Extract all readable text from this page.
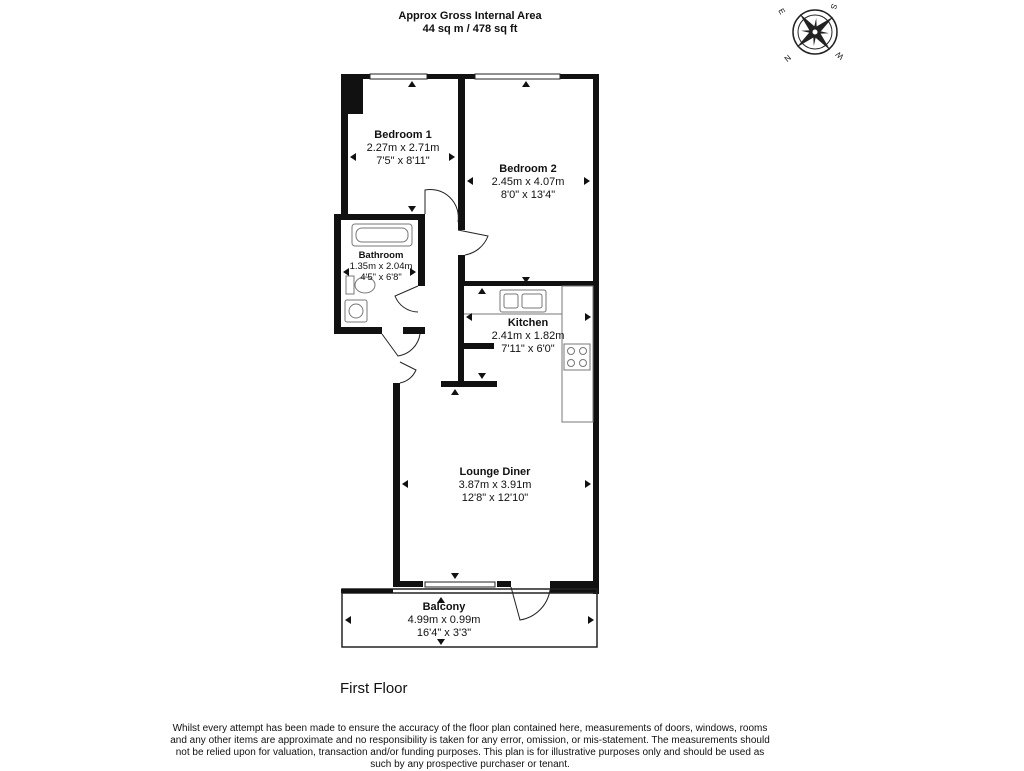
Approx Gross Internal Area
44 sq m / 478 sq ft
E
S
W
N
Bedroom 1
2.27m x 2.71m
7'5" x 8'11"
Bedroom 2
2.45m x 4.07m
8'0" x 13'4"
Bathroom
1.35m x 2.04m
4'5" x 6'8"
Kitchen
2.41m x 1.82m
7'11" x 6'0"
Lounge Diner
3.87m x 3.91m
12'8" x 12'10"
Balcony
4.99m x 0.99m
16'4" x 3'3"
First Floor
Whilst every attempt has been made to ensure the accuracy of the floor plan contained here, measurements of doors, windows, rooms and any other items are approximate and no responsibility is taken for any error, omission, or mis-statement. The measurements should not be relied upon for valuation, transaction and/or funding purposes. This plan is for illustrative purposes only and should be used as such by any prospective purchaser or tenant.
